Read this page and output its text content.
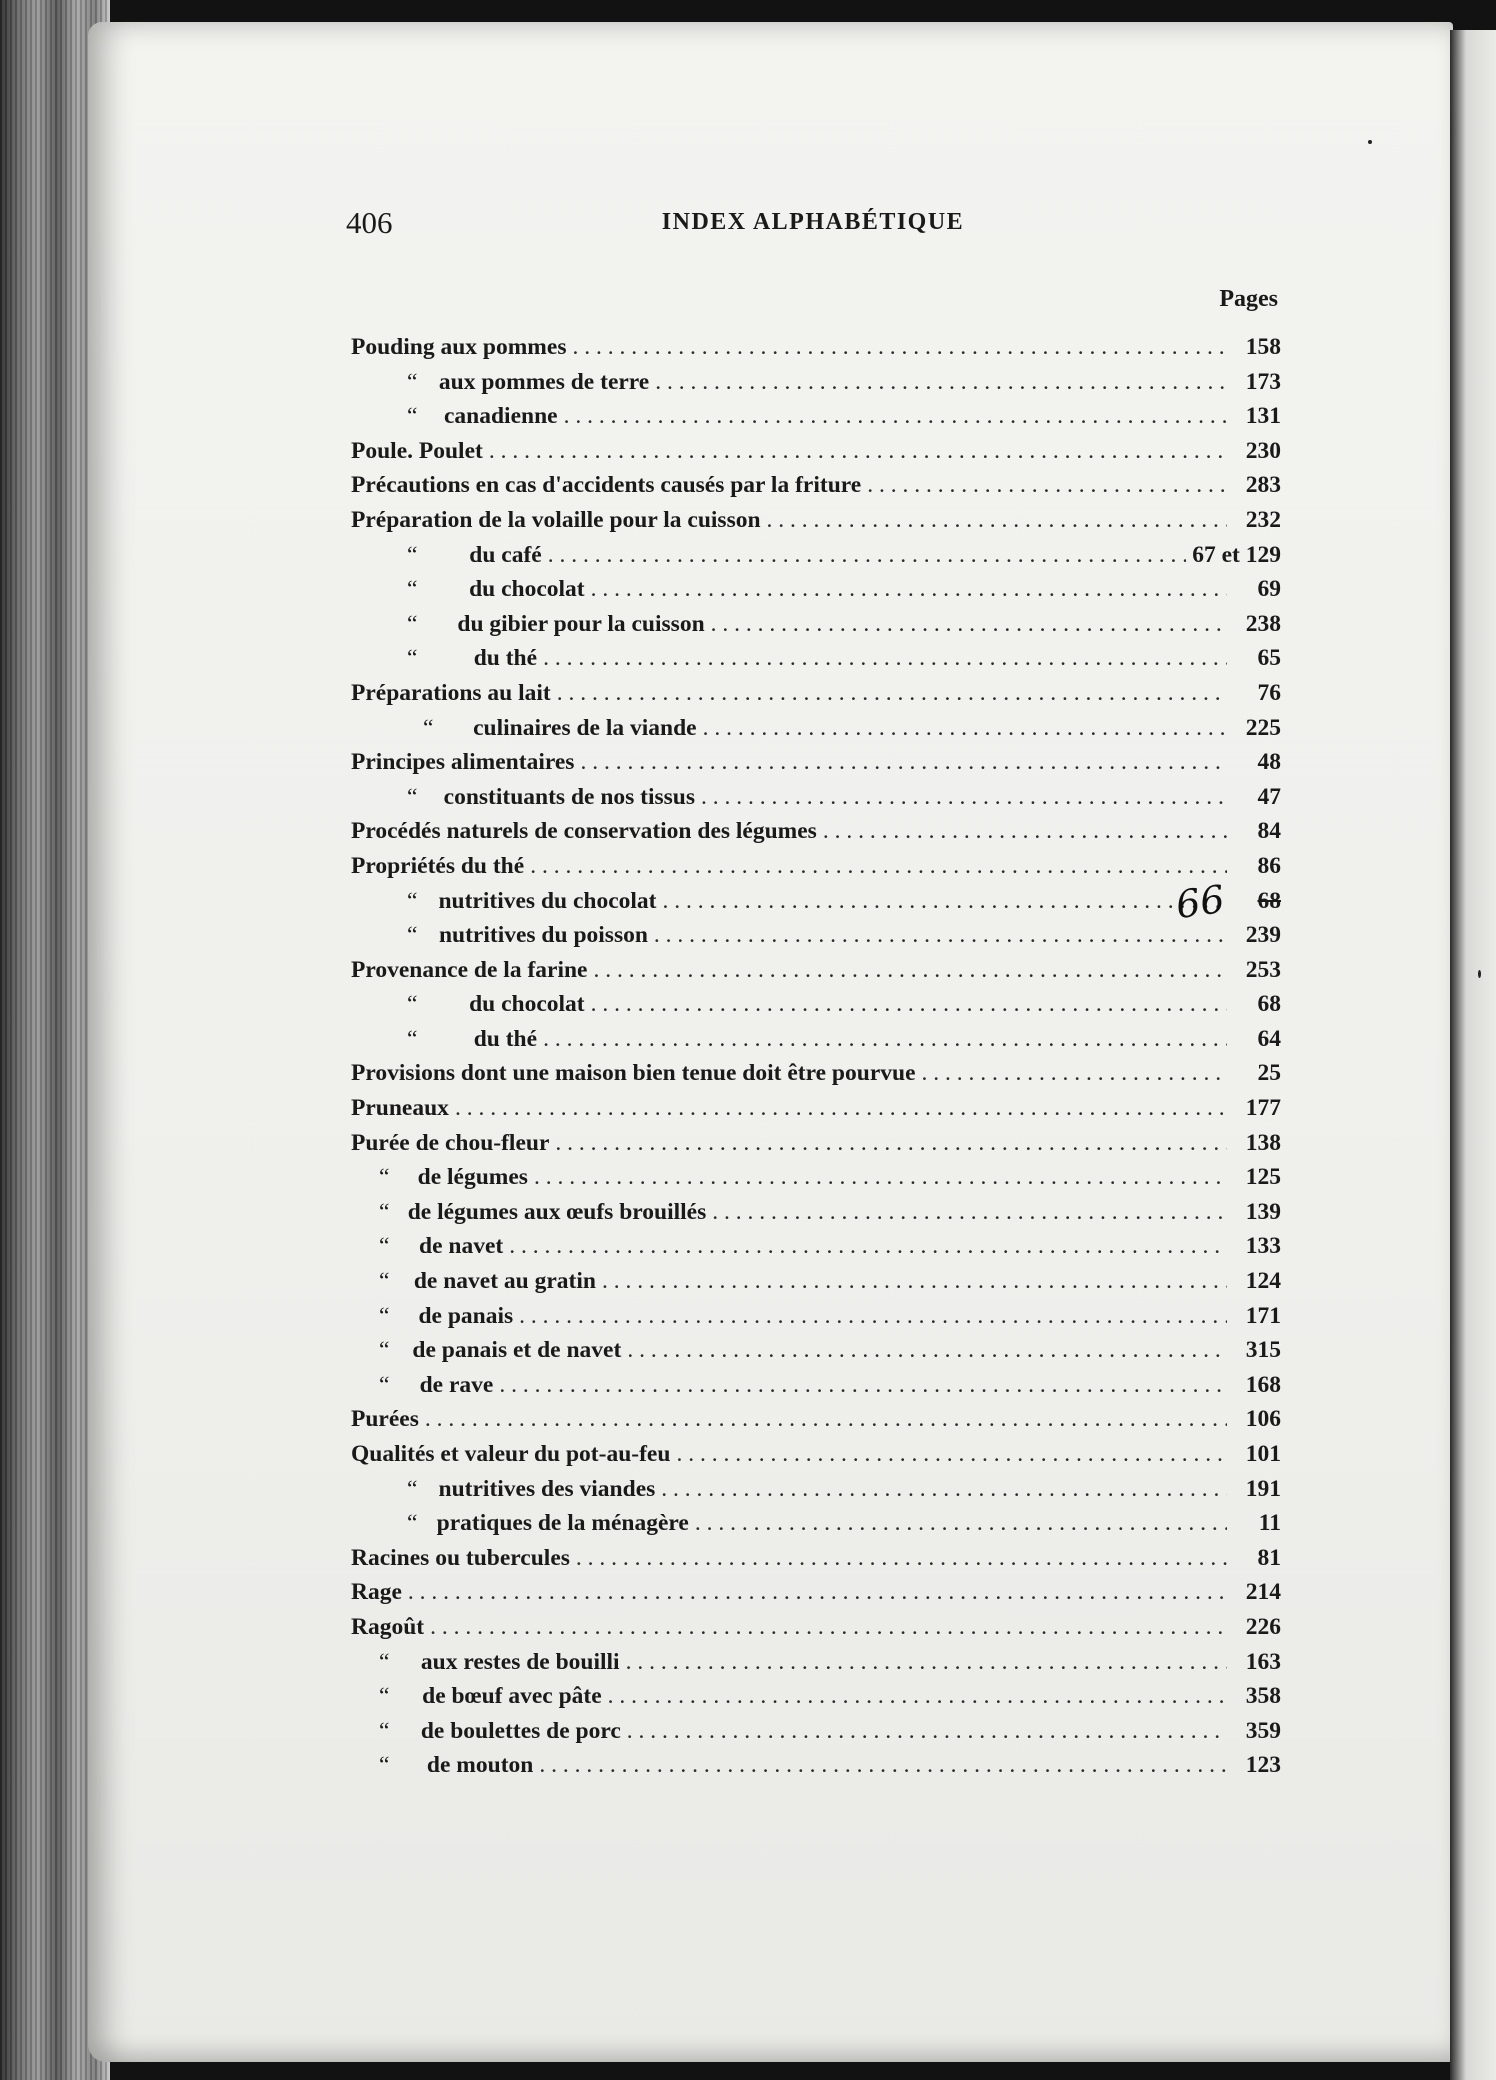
406	INDEX ALPHABÉTIQUE
Pages
Pouding aux pommes . . .	158
“ aux pommes de terre . . .	173
“	canadienne . . .	131
Poule. Poulet . . .	230
Précautions en cas d'accidents causés par la friture . . .	283
Préparation de la volaille pour la cuisson . . .	232
“	du café . . .	67 et 129
“	du chocolat . . .	69
“	du gibier pour la cuisson . . .	238
“	du thé . . .	65
Préparations au lait . . .	76
“	culinaires de la viande . . .	225
Principes alimentaires . . .	48
“	constituants de nos tissus . . .	47
Procédés naturels de conservation des légumes . . .	84
Propriétés du thé . . .	86
“ nutritives du chocolat . . .	68
“ nutritives du poisson . . .	239
Provenance de la farine . . .	253
“	du chocolat . . .	68
“	du thé . . .	64
Provisions dont une maison bien tenue doit être pourvue . . .	25
Pruneaux . . .	177
Purée de chou-fleur . . .	138
“	de légumes . . .	125
“ de légumes aux œufs brouillés . . .	139
“	de navet . . .	133
“	de navet au gratin . . .	124
“	de panais . . .	171
“ de panais et de navet . . .	315
“	de rave . . .	168
Purées . . .	106
Qualités et valeur du pot-au-feu . . .	101
“ nutritives des viandes . . .	191
“ pratiques de la ménagère . . .	11
Racines ou tubercules . . .	81
Rage . . .	214
Ragoût . . .	226
“	aux restes de bouilli . . .	163
“	de bœuf avec pâte . . .	358
“	de boulettes de porc . . .	359
“	de mouton . . .	123
66
